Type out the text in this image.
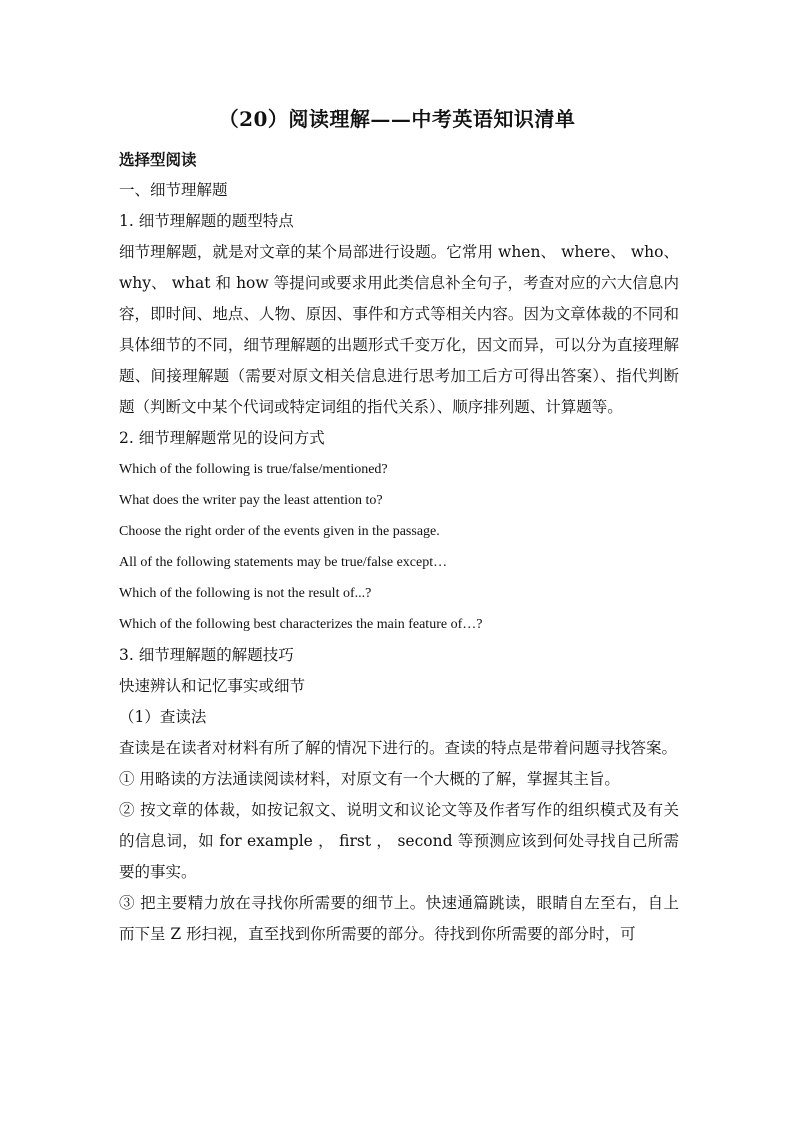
（20）阅读理解——中考英语知识清单

选择型阅读

一、细节理解题

1. 细节理解题的题型特点

细节理解题，就是对文章的某个局部进行设题。它常用 when、 where、 who、why、 what 和 how 等提问或要求用此类信息补全句子，考查对应的六大信息内容，即时间、地点、人物、原因、事件和方式等相关内容。因为文章体裁的不同和具体细节的不同，细节理解题的出题形式千变万化，因文而异，可以分为直接理解题、间接理解题（需要对原文相关信息进行思考加工后方可得出答案）、指代判断题（判断文中某个代词或特定词组的指代关系）、顺序排列题、计算题等。

2. 细节理解题常见的设问方式

Which of the following is true/false/mentioned?

What does the writer pay the least attention to?

Choose the right order of the events given in the passage.

All of the following statements may be true/false except…

Which of the following is not the result of...?

Which of the following best characterizes the main feature of…?

3. 细节理解题的解题技巧

快速辨认和记忆事实或细节

（1）查读法

查读是在读者对材料有所了解的情况下进行的。查读的特点是带着问题寻找答案。

① 用略读的方法通读阅读材料，对原文有一个大概的了解，掌握其主旨。

② 按文章的体裁，如按记叙文、说明文和议论文等及作者写作的组织模式及有关的信息词，如 for example ， first ， second 等预测应该到何处寻找自己所需要的事实。

③ 把主要精力放在寻找你所需要的细节上。快速通篇跳读，眼睛自左至右，自上而下呈 Z 形扫视，直至找到你所需要的部分。待找到你所需要的部分时，可
